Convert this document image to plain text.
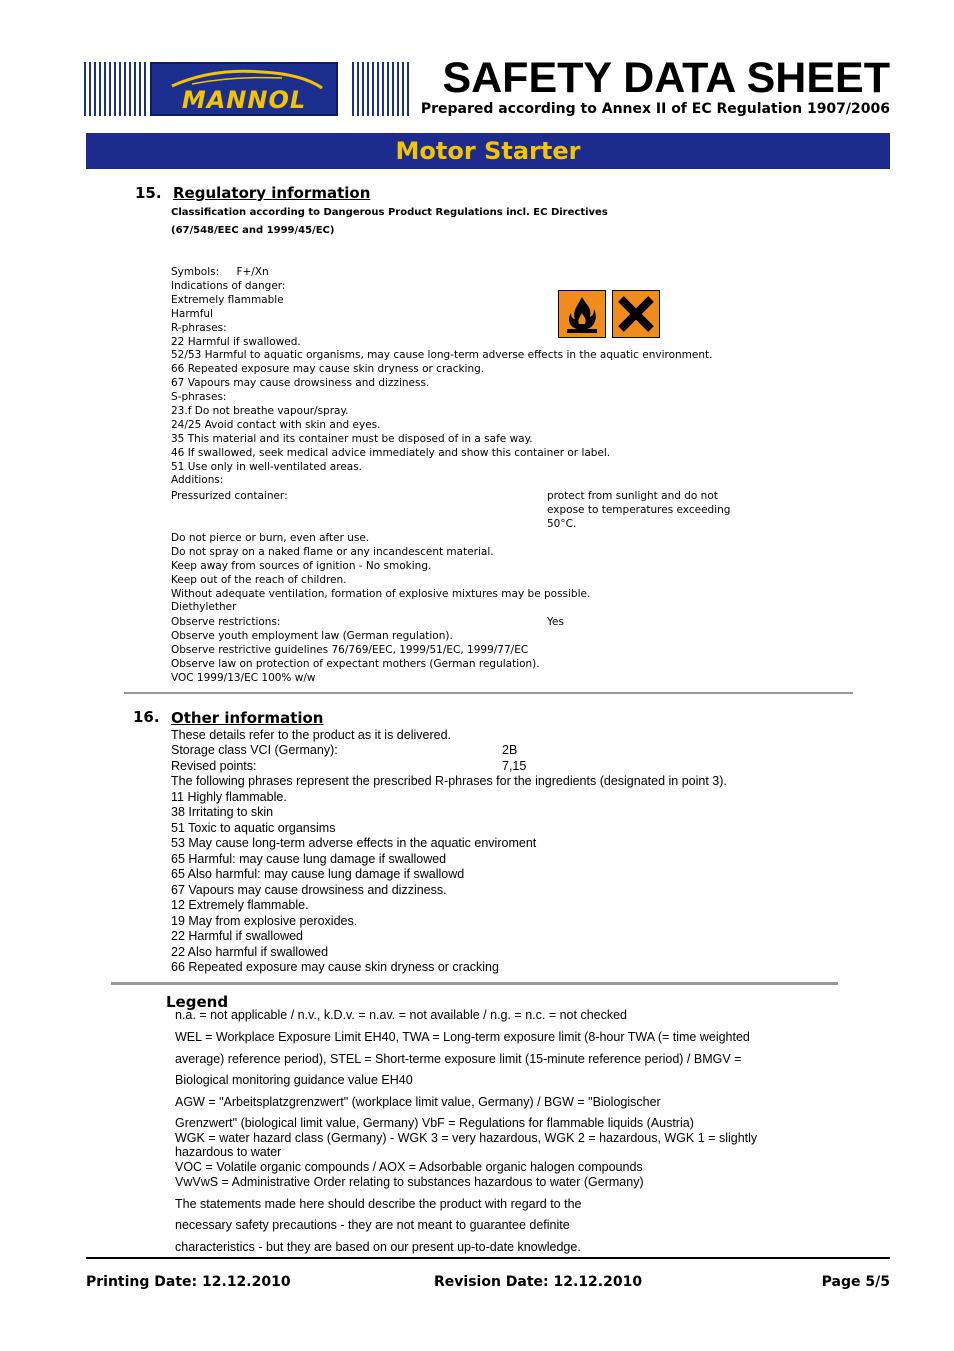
MANNOL	SAFETY DATA SHEET
Prepared according to Annex II of EC Regulation 1907/2006
Motor Starter
15. Regulatory information
Classification according to Dangerous Product Regulations incl. EC Directives
(67/548/EEC and 1999/45/EC)
Symbols: F+/Xn
Indications of danger:
Extremely flammable
Harmful
R-phrases:
22 Harmful if swallowed.
52/53 Harmful to aquatic organisms, may cause long-term adverse effects in the aquatic environment.
66 Repeated exposure may cause skin dryness or cracking.
67 Vapours may cause drowsiness and dizziness.
S-phrases:
23.f Do not breathe vapour/spray.
24/25 Avoid contact with skin and eyes.
35 This material and its container must be disposed of in a safe way.
46 If swallowed, seek medical advice immediately and show this container or label.
51 Use only in well-ventilated areas.
Additions:
Pressurized container:	protect from sunlight and do not
expose to temperatures exceeding
50°C.
Do not pierce or burn, even after use.
Do not spray on a naked flame or any incandescent material.
Keep away from sources of ignition - No smoking.
Keep out of the reach of children.
Without adequate ventilation, formation of explosive mixtures may be possible.
Diethylether
Observe restrictions:	Yes
Observe youth employment law (German regulation).
Observe restrictive guidelines 76/769/EEC, 1999/51/EC, 1999/77/EC
Observe law on protection of expectant mothers (German regulation).
VOC 1999/13/EC 100% w/w
16. Other information
These details refer to the product as it is delivered.
Storage class VCI (Germany):	2B
Revised points:	7,15
The following phrases represent the prescribed R-phrases for the ingredients (designated in point 3).
11 Highly flammable.
38 Irritating to skin
51 Toxic to aquatic organsims
53 May cause long-term adverse effects in the aquatic enviroment
65 Harmful: may cause lung damage if swallowed
65 Also harmful: may cause lung damage if swallowd
67 Vapours may cause drowsiness and dizziness.
12 Extremely flammable.
19 May from explosive peroxides.
22 Harmful if swallowed
22 Also harmful if swallowed
66 Repeated exposure may cause skin dryness or cracking
Legend
n.a. = not applicable / n.v., k.D.v. = n.av. = not available / n.g. = n.c. = not checked
WEL = Workplace Exposure Limit EH40, TWA = Long-term exposure limit (8-hour TWA (= time weighted
average) reference period), STEL = Short-terme exposure limit (15-minute reference period) / BMGV =
Biological monitoring guidance value EH40
AGW = "Arbeitsplatzgrenzwert" (workplace limit value, Germany) / BGW = "Biologischer
Grenzwert" (biological limit value, Germany) VbF = Regulations for flammable liquids (Austria)
WGK = water hazard class (Germany) - WGK 3 = very hazardous, WGK 2 = hazardous, WGK 1 = slightly
hazardous to water
VOC = Volatile organic compounds / AOX = Adsorbable organic halogen compounds
VwVwS = Administrative Order relating to substances hazardous to water (Germany)
The statements made here should describe the product with regard to the
necessary safety precautions - they are not meant to guarantee definite
characteristics - but they are based on our present up-to-date knowledge.
Printing Date: 12.12.2010	Revision Date: 12.12.2010	Page 5/5
